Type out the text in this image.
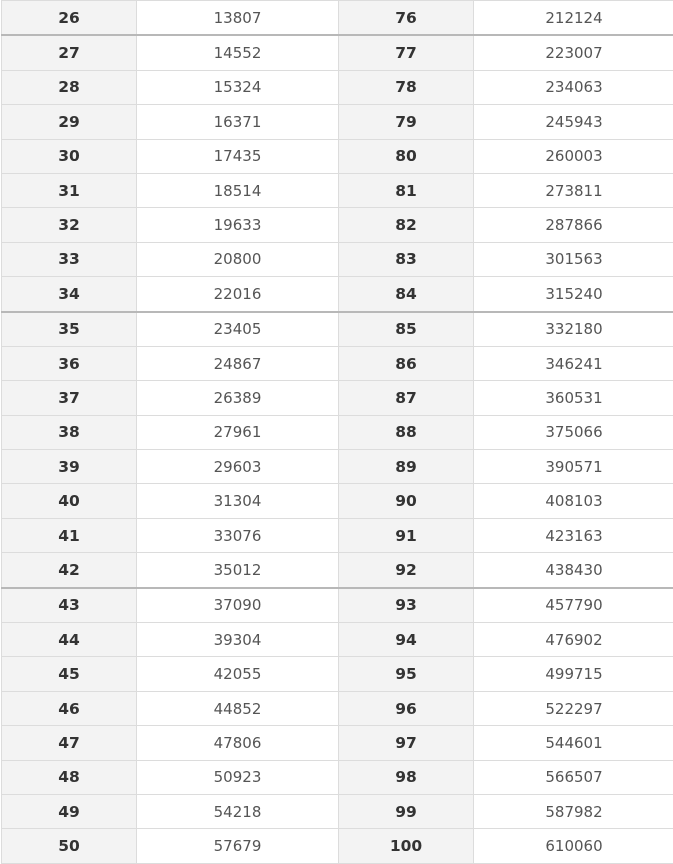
26	13807	76	212124
27	14552	77	223007
28	15324	78	234063
29	16371	79	245943
30	17435	80	260003
31	18514	81	273811
32	19633	82	287866
33	20800	83	301563
34	22016	84	315240
35	23405	85	332180
36	24867	86	346241
37	26389	87	360531
38	27961	88	375066
39	29603	89	390571
40	31304	90	408103
41	33076	91	423163
42	35012	92	438430
43	37090	93	457790
44	39304	94	476902
45	42055	95	499715
46	44852	96	522297
47	47806	97	544601
48	50923	98	566507
49	54218	99	587982
50	57679	100	610060
